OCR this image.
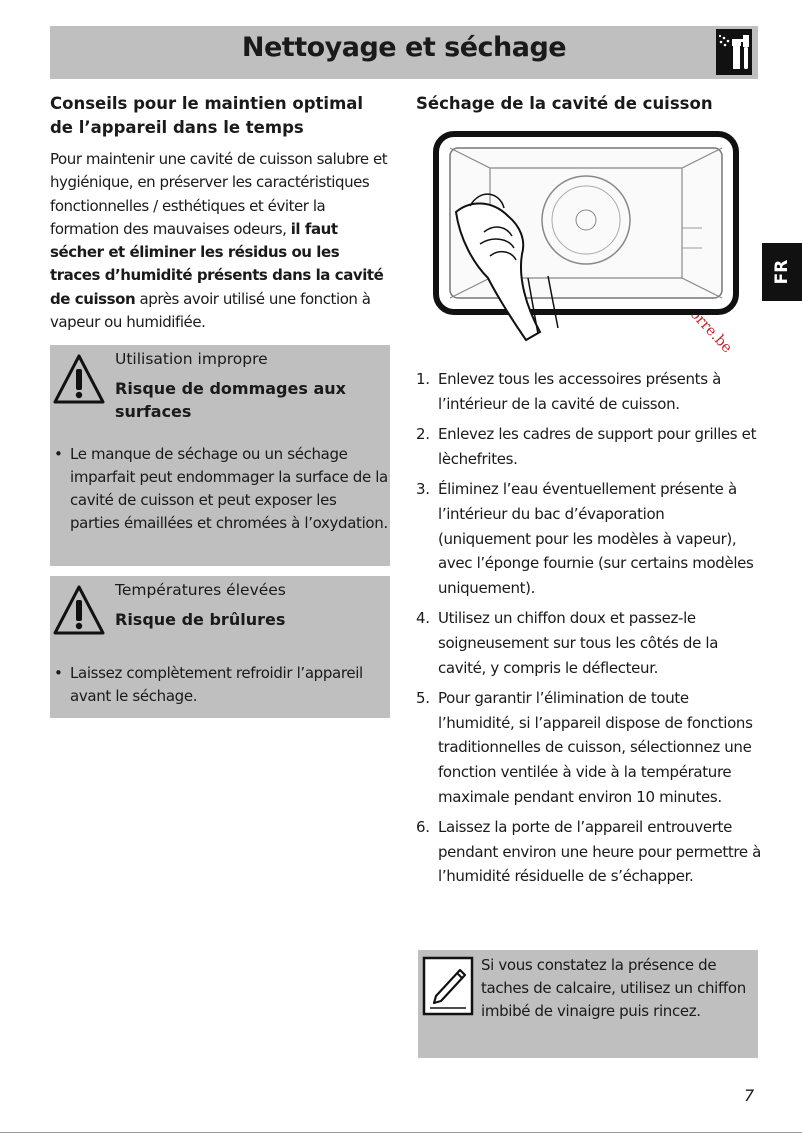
Nettoyage et séchage
FR
Conseils pour le maintien optimal de l’appareil dans le temps
Pour maintenir une cavité de cuisson salubre et hygiénique, en préserver les caractéristiques fonctionnelles / esthétiques et éviter la formation des mauvaises odeurs, il faut sécher et éliminer les résidus ou les traces d’humidité présents dans la cavité de cuisson après avoir utilisé une fonction à vapeur ou humidifiée.
Utilisation impropre
Risque de dommages aux surfaces
• Le manque de séchage ou un séchage imparfait peut endommager la surface de la cavité de cuisson et peut exposer les parties émaillées et chromées à l’oxydation.
Températures élevées
Risque de brûlures
• Laissez complètement refroidir l’appareil avant le séchage.
Séchage de la cavité de cuisson
1. Enlevez tous les accessoires présents à l’intérieur de la cavité de cuisson.
2. Enlevez les cadres de support pour grilles et lèchefrites.
3. Éliminez l’eau éventuellement présente à l’intérieur du bac d’évaporation (uniquement pour les modèles à vapeur), avec l’éponge fournie (sur certains modèles uniquement).
4. Utilisez un chiffon doux et passez-le soigneusement sur tous les côtés de la cavité, y compris le déflecteur.
5. Pour garantir l’élimination de toute l’humidité, si l’appareil dispose de fonctions traditionnelles de cuisson, sélectionnez une fonction ventilée à vide à la température maximale pendant environ 10 minutes.
6. Laissez la porte de l’appareil entrouverte pendant environ une heure pour permettre à l’humidité résiduelle de s’échapper.
Si vous constatez la présence de taches de calcaire, utilisez un chiffon imbibé de vinaigre puis rincez.
7
